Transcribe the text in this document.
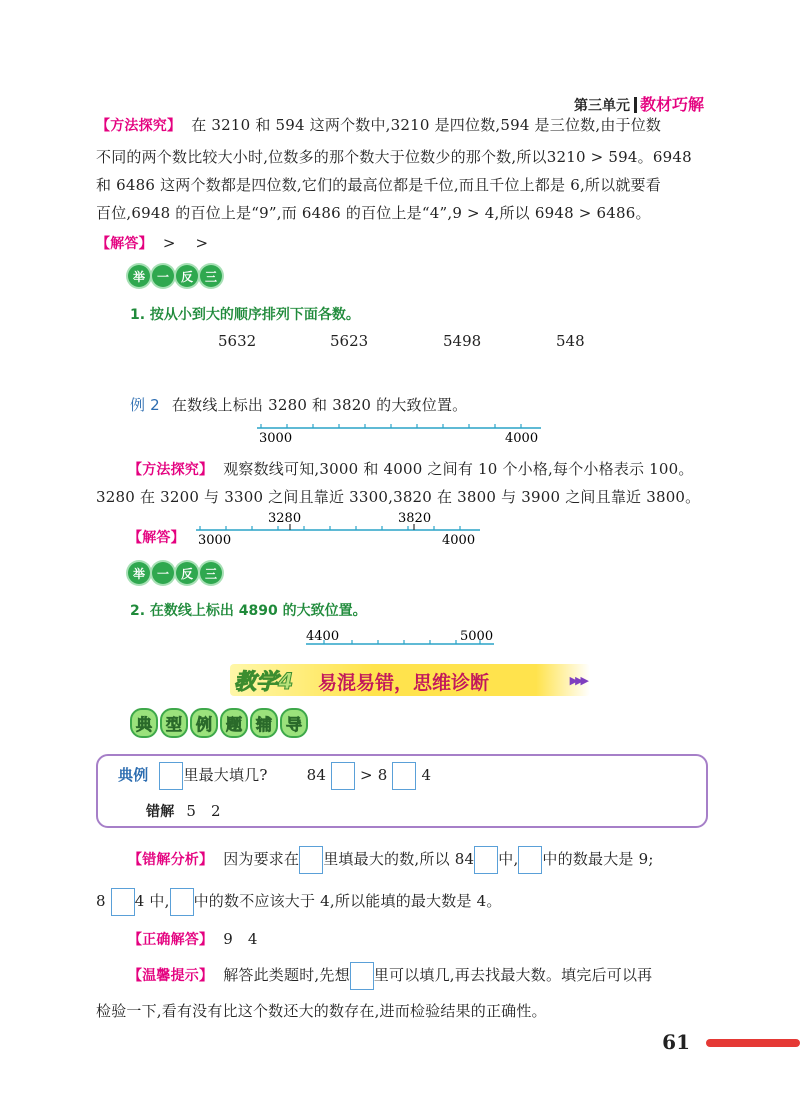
第三单元 教材巧解
【方法探究】 在 3210 和 594 这两个数中,3210 是四位数,594 是三位数,由于位数
不同的两个数比较大小时,位数多的那个数大于位数少的那个数,所以3210 > 594。6948
和 6486 这两个数都是四位数,它们的最高位都是千位,而且千位上都是 6,所以就要看
百位,6948 的百位上是“9”,而 6486 的百位上是“4”,9 > 4,所以 6948 > 6486。
【解答】 >    >
举 一 反 三
1. 按从小到大的顺序排列下面各数。
5632	5623	5498	548
例 2 在数线上标出 3280 和 3820 的大致位置。
3000	4000
【方法探究】 观察数线可知,3000 和 4000 之间有 10 个小格,每个小格表示 100。
3280 在 3200 与 3300 之间且靠近 3300,3820 在 3800 与 3900 之间且靠近 3800。
【解答】
3280	3820
3000	4000
举 一 反 三
2. 在数线上标出 4890 的大致位置。
4400	5000
教学4 易混易错，思维诊断	▶▶▶
典 型 例 题 辅 导
典例 里最大填几?	84 > 8 4
错解 5   2
【错解分析】 因为要求在 里填最大的数,所以 84 中, 中的数最大是 9;
8 4 中, 中的数不应该大于 4,所以能填的最大数是 4。
【正确解答】 9   4
【温馨提示】 解答此类题时,先想 里可以填几,再去找最大数。填完后可以再
检验一下,看有没有比这个数还大的数存在,进而检验结果的正确性。
61
